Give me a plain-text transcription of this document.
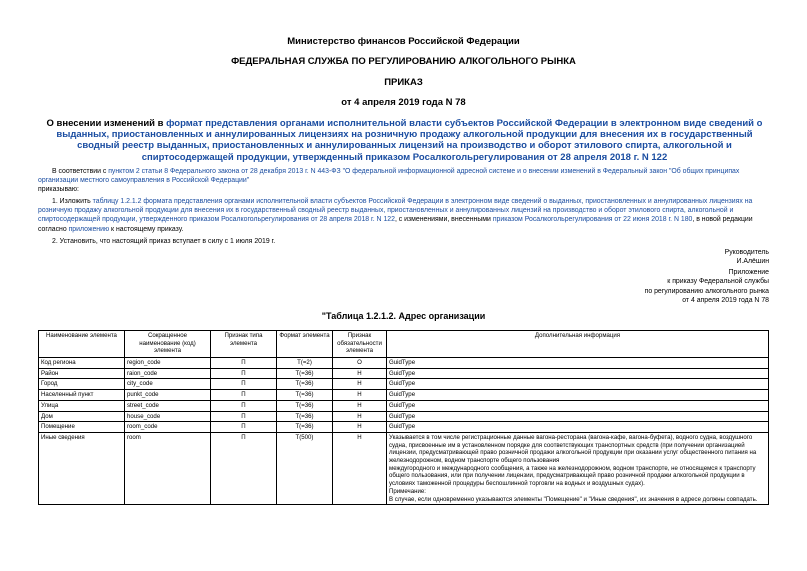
Министерство финансов Российской Федерации
ФЕДЕРАЛЬНАЯ СЛУЖБА ПО РЕГУЛИРОВАНИЮ АЛКОГОЛЬНОГО РЫНКА
ПРИКАЗ
от 4 апреля 2019 года N 78
О внесении изменений в формат представления органами исполнительной власти субъектов Российской Федерации в электронном виде сведений о выданных, приостановленных и аннулированных лицензиях на розничную продажу алкогольной продукции для внесения их в государственный сводный реестр выданных, приостановленных и аннулированных лицензий на производство и оборот этилового спирта, алкогольной и спиртосодержащей продукции, утвержденный приказом Росалкогольрегулирования от 28 апреля 2018 г. N 122

В соответствии с пунктом 2 статьи 8 Федерального закона от 28 декабря 2013 г. N 443-ФЗ "О федеральной информационной адресной системе и о внесении изменений в Федеральный закон "Об общих принципах организации местного самоуправления в Российской Федерации"

приказываю:

1. Изложить таблицу 1.2.1.2 формата представления органами исполнительной власти субъектов Российской Федерации в электронном виде сведений о выданных, приостановленных и аннулированных лицензиях на розничную продажу алкогольной продукции для внесения их в государственный сводный реестр выданных, приостановленных и аннулированных лицензий на производство и оборот этилового спирта, алкогольной и спиртосодержащей продукции, утвержденного приказом Росалкогольрегулирования от 28 апреля 2018 г. N 122, с изменениями, внесенными приказом Росалкогольрегулирования от 22 июня 2018 г. N 180, в новой редакции согласно приложению к настоящему приказу.

2. Установить, что настоящий приказ вступает в силу с 1 июля 2019 г.

Руководитель
И.Алёшин
Приложение
к приказу Федеральной службы
по регулированию алкогольного рынка
от 4 апреля 2019 года N 78
"Таблица 1.2.1.2. Адрес организации
Наименование элемента	Сокращенное наименование (код) элемента	Признак типа элемента	Формат элемента	Признак обязательности элемента	Дополнительная информация
Код региона	region_code	П	T(=2)	O	GuidType
Район	raion_code	П	T(=36)	H	GuidType
Город	city_code	П	T(=36)	H	GuidType
Населенный пункт	punkt_code	П	T(=36)	H	GuidType
Улица	street_code	П	T(=36)	H	GuidType
Дом	house_code	П	T(=36)	H	GuidType
Помещение	room_code	П	T(=36)	H	GuidType
Иные сведения	room	П	T(500)	H	Указывается в том числе регистрационные данные вагона-ресторана (вагона-кафе, вагона-буфета), водного судна, воздушного судна, присвоенные им в установленном порядке для соответствующих транспортных средств (при получении организацией лицензии, предусматривающей право розничной продажи алкогольной продукции при оказании услуг общественного питания на железнодорожном, водном транспорте общего пользования

междугородного и международного сообщения, а также на железнодорожном, водном транспорте, не относящемся к транспорту общего пользования, или при получении лицензии, предусматривающей право розничной продажи алкогольной продукции в условиях таможенной процедуры беспошлинной торговли на водных и воздушных судах).

Примечание:

В случае, если одновременно указываются элементы "Помещение" и "Иные сведения", их значения в адресе должны совпадать.
